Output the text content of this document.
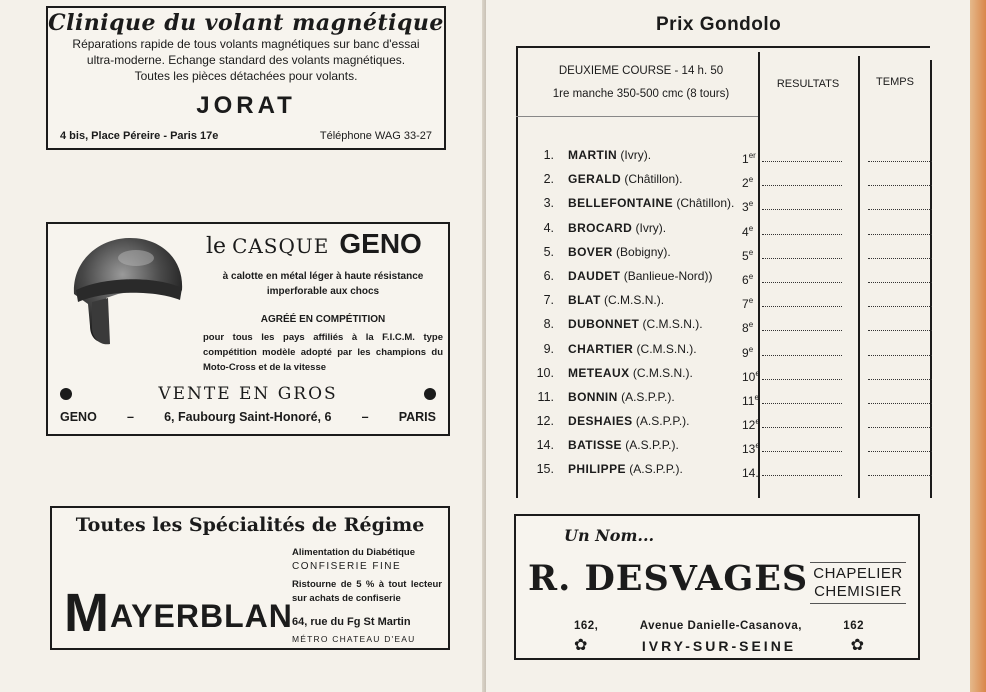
Clinique du volant magnétique
Réparations rapide de tous volants magnétiques sur banc d'essai
ultra-moderne. Echange standard des volants magnétiques.
Toutes les pièces détachées pour volants.
JORAT
4 bis, Place Péreire - Paris 17e	Téléphone WAG 33-27
le CASQUE GENO
à calotte en métal léger à haute résistance
imperforable aux chocs
AGRÉÉ EN COMPÉTITION
pour tous les pays affiliés à la F.I.C.M. type compétition modèle adopté par les champions du Moto-Cross et de la vitesse
VENTE EN GROS
GENO – 6, Faubourg Saint-Honoré, 6 – PARIS
Toutes les Spécialités de Régime
MAYERBLAN
Alimentation du Diabétique
CONFISERIE FINE
Ristourne de 5 % à tout lecteur sur achats de confiserie
64, rue du Fg St Martin
MÉTRO CHATEAU D'EAU
Prix Gondolo
DEUXIEME COURSE - 14 h. 50
1re manche 350-500 cmc (8 tours)
RESULTATS	TEMPS
1. MARTIN (Ivry).	1er
2. GERALD (Châtillon).	2e
3. BELLEFONTAINE (Châtillon). 3e
4. BROCARD (Ivry).	4e
5. BOVER (Bobigny).	5e
6. DAUDET (Banlieue-Nord)) 6e
7. BLAT (C.M.S.N.).	7e
8. DUBONNET (C.M.S.N.).	8e
9. CHARTIER (C.M.S.N.).	9e
10. METEAUX (C.M.S.N.).	10e
11. BONNIN (A.S.P.P.).	11e
12. DESHAIES (A.S.P.P.).	12e
14. BATISSE (A.S.P.P.).	13e
15. PHILIPPE (A.S.P.P.).	14.
Un Nom...
R. DESVAGES CHAPELIER
CHEMISIER
162,	Avenue Danielle-Casanova,	162
✿	IVRY-SUR-SEINE	✿
